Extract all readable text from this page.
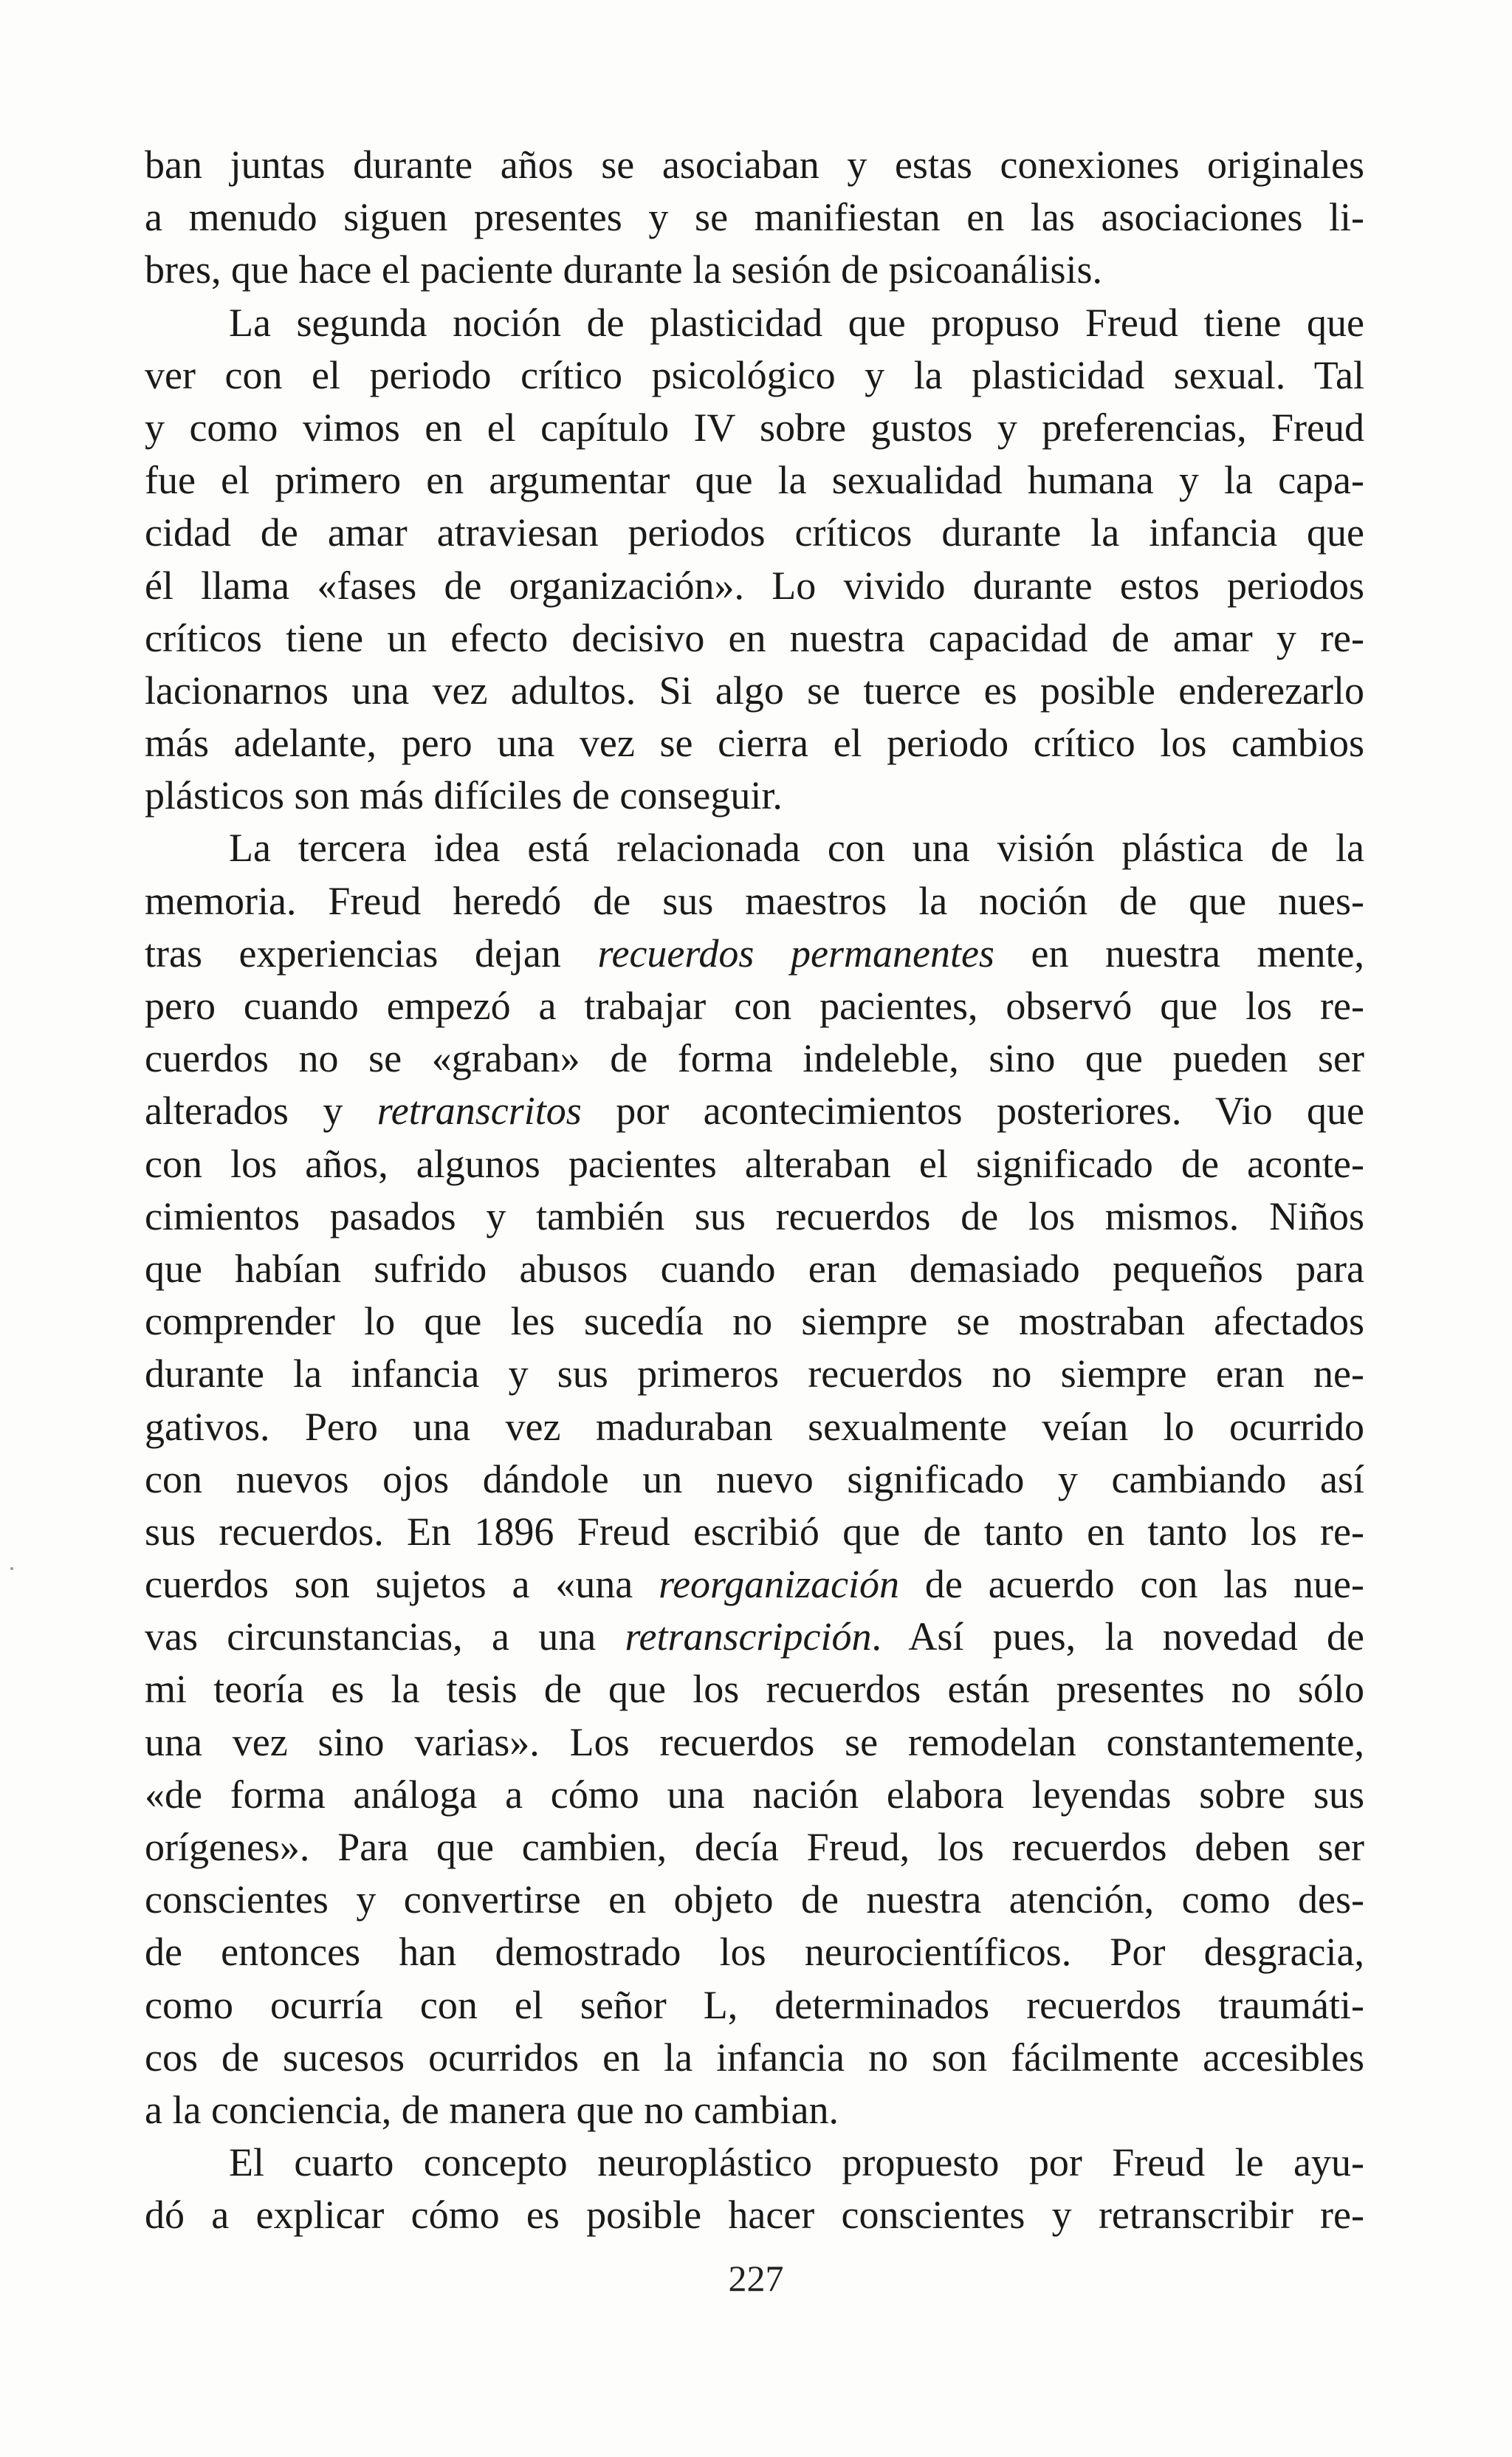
ban juntas durante años se asociaban y estas conexiones originales
a menudo siguen presentes y se manifiestan en las asociaciones li-
bres, que hace el paciente durante la sesión de psicoanálisis.
La segunda noción de plasticidad que propuso Freud tiene que
ver con el periodo crítico psicológico y la plasticidad sexual. Tal
y como vimos en el capítulo IV sobre gustos y preferencias, Freud
fue el primero en argumentar que la sexualidad humana y la capa-
cidad de amar atraviesan periodos críticos durante la infancia que
él llama «fases de organización». Lo vivido durante estos periodos
críticos tiene un efecto decisivo en nuestra capacidad de amar y re-
lacionarnos una vez adultos. Si algo se tuerce es posible enderezarlo
más adelante, pero una vez se cierra el periodo crítico los cambios
plásticos son más difíciles de conseguir.
La tercera idea está relacionada con una visión plástica de la
memoria. Freud heredó de sus maestros la noción de que nues-
tras experiencias dejan recuerdos permanentes en nuestra mente,
pero cuando empezó a trabajar con pacientes, observó que los re-
cuerdos no se «graban» de forma indeleble, sino que pueden ser
alterados y retranscritos por acontecimientos posteriores. Vio que
con los años, algunos pacientes alteraban el significado de aconte-
cimientos pasados y también sus recuerdos de los mismos. Niños
que habían sufrido abusos cuando eran demasiado pequeños para
comprender lo que les sucedía no siempre se mostraban afectados
durante la infancia y sus primeros recuerdos no siempre eran ne-
gativos. Pero una vez maduraban sexualmente veían lo ocurrido
con nuevos ojos dándole un nuevo significado y cambiando así
sus recuerdos. En 1896 Freud escribió que de tanto en tanto los re-
cuerdos son sujetos a «una reorganización de acuerdo con las nue-
vas circunstancias, a una retranscripción. Así pues, la novedad de
mi teoría es la tesis de que los recuerdos están presentes no sólo
una vez sino varias». Los recuerdos se remodelan constantemente,
«de forma análoga a cómo una nación elabora leyendas sobre sus
orígenes». Para que cambien, decía Freud, los recuerdos deben ser
conscientes y convertirse en objeto de nuestra atención, como des-
de entonces han demostrado los neurocientíficos. Por desgracia,
como ocurría con el señor L, determinados recuerdos traumáti-
cos de sucesos ocurridos en la infancia no son fácilmente accesibles
a la conciencia, de manera que no cambian.
El cuarto concepto neuroplástico propuesto por Freud le ayu-
dó a explicar cómo es posible hacer conscientes y retranscribir re-
227
